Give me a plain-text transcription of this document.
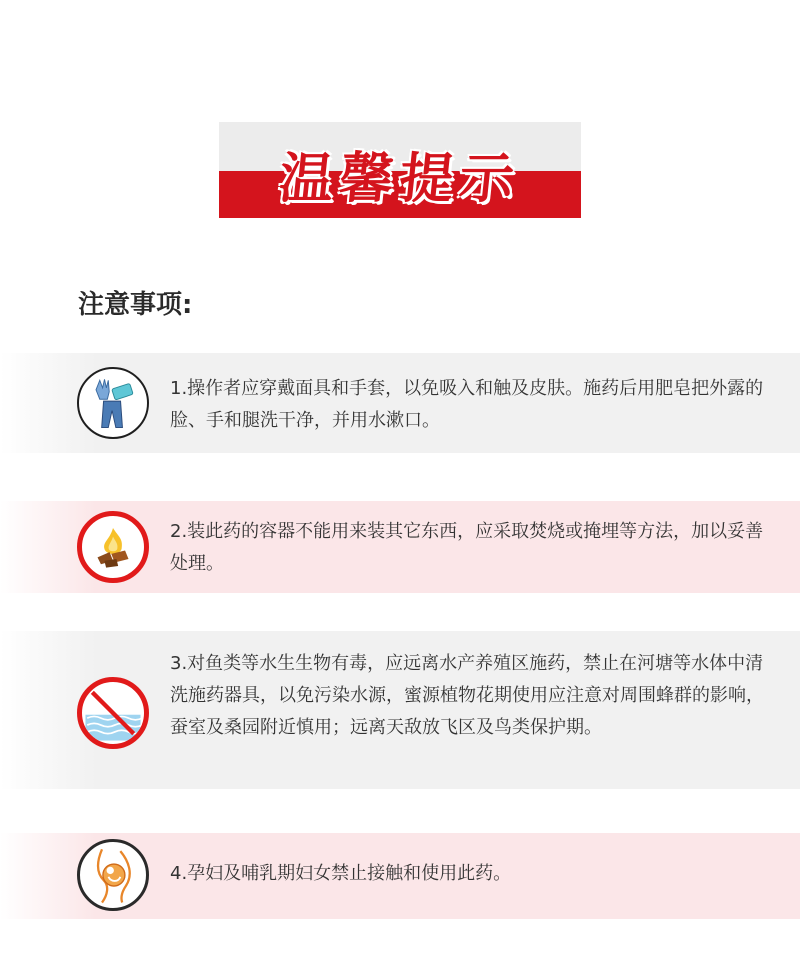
温馨提示
注意事项:
1.操作者应穿戴面具和手套，以免吸入和触及皮肤。施药后用肥皂把外露的脸、手和腿洗干净，并用水漱口。
2.装此药的容器不能用来装其它东西，应采取焚烧或掩埋等方法，加以妥善处理。
3.对鱼类等水生生物有毒，应远离水产养殖区施药，禁止在河塘等水体中清洗施药器具，以免污染水源，蜜源植物花期使用应注意对周围蜂群的影响，蚕室及桑园附近慎用；远离天敌放飞区及鸟类保护期。
4.孕妇及哺乳期妇女禁止接触和使用此药。
